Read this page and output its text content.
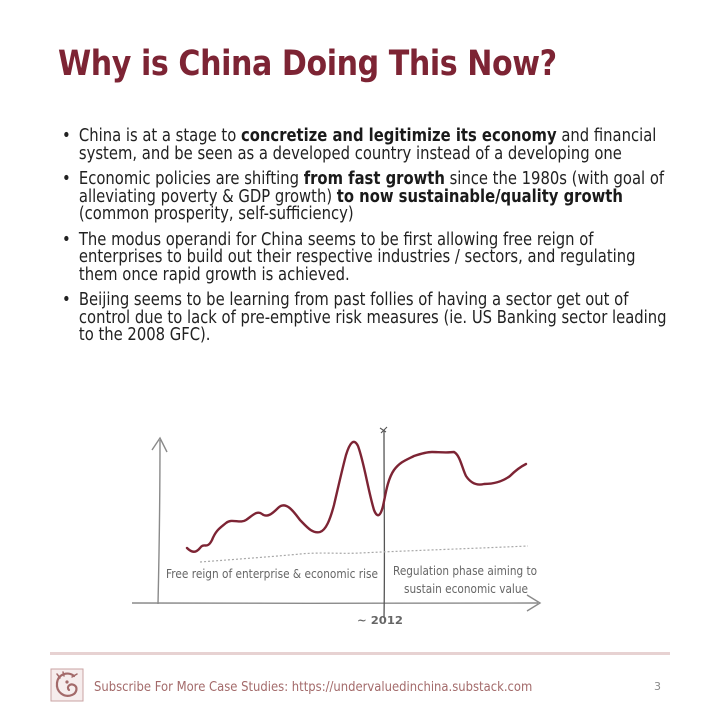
Why is China Doing This Now?
• China is at a stage to concretize and legitimize its economy and financial system, and be seen as a developed country instead of a developing one
• Economic policies are shifting from fast growth since the 1980s (with goal of alleviating poverty & GDP growth) to now sustainable/quality growth (common prosperity, self-sufficiency)
• The modus operandi for China seems to be first allowing free reign of enterprises to build out their respective industries / sectors, and regulating them once rapid growth is achieved.
• Beijing seems to be learning from past follies of having a sector get out of control due to lack of pre-emptive risk measures (ie. US Banking sector leading to the 2008 GFC).
Free reign of enterprise & economic rise Regulation phase aiming to
sustain economic value
~ 2012
Subscribe For More Case Studies: https://undervaluedinchina.substack.com	3
